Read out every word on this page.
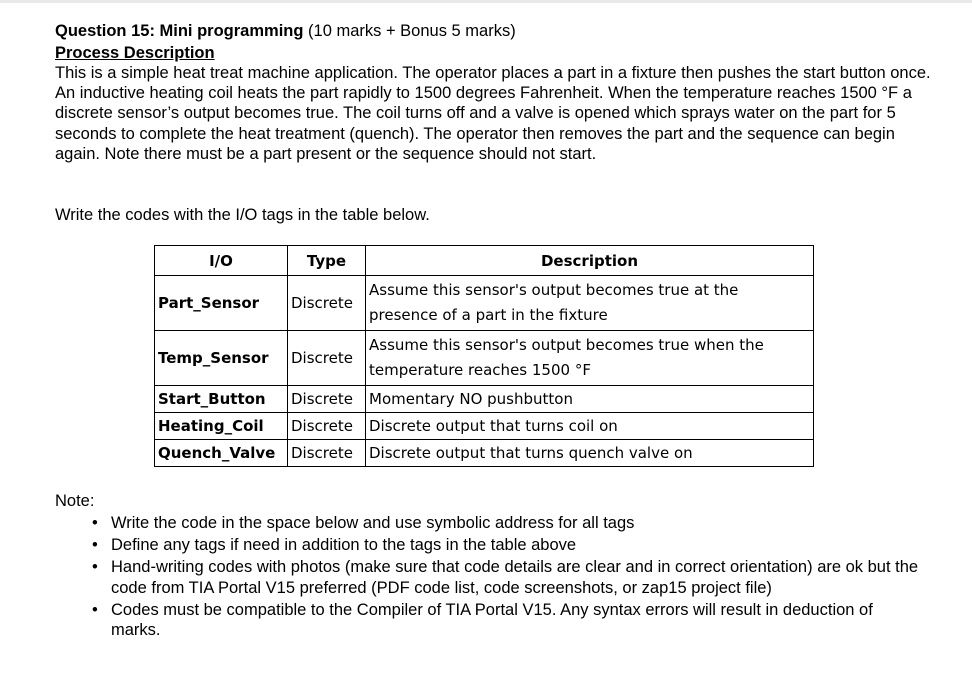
Question 15: Mini programming (10 marks + Bonus 5 marks)
Process Description
This is a simple heat treat machine application. The operator places a part in a fixture then pushes the start button once. An inductive heating coil heats the part rapidly to 1500 degrees Fahrenheit. When the temperature reaches 1500 °F a discrete sensor’s output becomes true. The coil turns off and a valve is opened which sprays water on the part for 5 seconds to complete the heat treatment (quench). The operator then removes the part and the sequence can begin again. Note there must be a part present or the sequence should not start.
Write the codes with the I/O tags in the table below.
I/O	Type	Description
Part_Sensor	Discrete	Assume this sensor's output becomes true at the presence of a part in the fixture
Temp_Sensor	Discrete	Assume this sensor's output becomes true when the temperature reaches 1500 °F
Start_Button	Discrete	Momentary NO pushbutton
Heating_Coil	Discrete	Discrete output that turns coil on
Quench_Valve	Discrete	Discrete output that turns quench valve on
Note:
• Write the code in the space below and use symbolic address for all tags
• Define any tags if need in addition to the tags in the table above
• Hand-writing codes with photos (make sure that code details are clear and in correct orientation) are ok but the code from TIA Portal V15 preferred (PDF code list, code screenshots, or zap15 project file)
• Codes must be compatible to the Compiler of TIA Portal V15. Any syntax errors will result in deduction of marks.
